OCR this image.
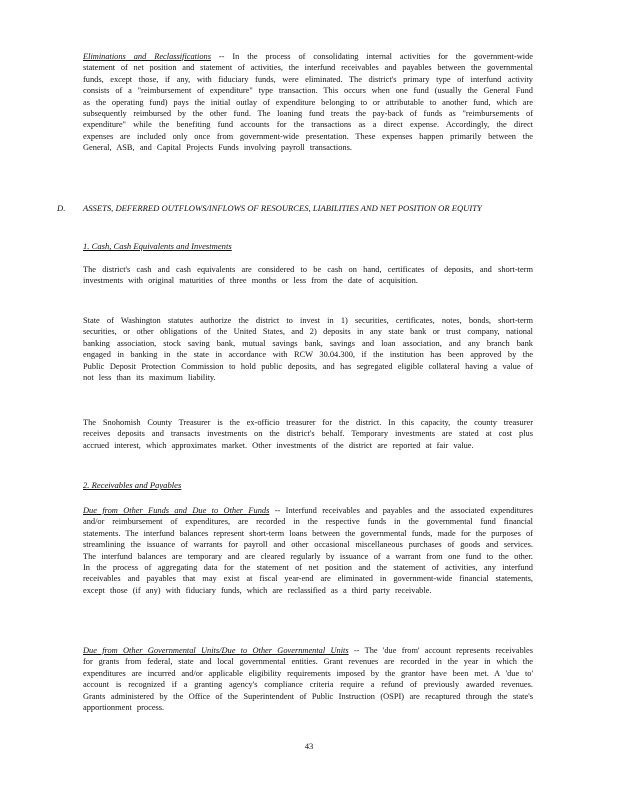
Eliminations and Reclassifications -- In the process of consolidating internal activities for the government-wide statement of net position and statement of activities, the interfund receivables and payables between the governmental funds, except those, if any, with fiduciary funds, were eliminated. The district's primary type of interfund activity consists of a "reimbursement of expenditure" type transaction. This occurs when one fund (usually the General Fund as the operating fund) pays the initial outlay of expenditure belonging to or attributable to another fund, which are subsequently reimbursed by the other fund. The loaning fund treats the pay-back of funds as "reimbursements of expenditure" while the benefiting fund accounts for the transactions as a direct expense. Accordingly, the direct expenses are included only once from government-wide presentation. These expenses happen primarily between the General, ASB, and Capital Projects Funds involving payroll transactions.

D. ASSETS, DEFERRED OUTFLOWS/INFLOWS OF RESOURCES, LIABILITIES AND NET POSITION OR EQUITY

1. Cash, Cash Equivalents and Investments

The district's cash and cash equivalents are considered to be cash on hand, certificates of deposits, and short-term investments with original maturities of three months or less from the date of acquisition.

State of Washington statutes authorize the district to invest in 1) securities, certificates, notes, bonds, short-term securities, or other obligations of the United States, and 2) deposits in any state bank or trust company, national banking association, stock saving bank, mutual savings bank, savings and loan association, and any branch bank engaged in banking in the state in accordance with RCW 30.04.300, if the institution has been approved by the Public Deposit Protection Commission to hold public deposits, and has segregated eligible collateral having a value of not less than its maximum liability.

The Snohomish County Treasurer is the ex-officio treasurer for the district. In this capacity, the county treasurer receives deposits and transacts investments on the district's behalf. Temporary investments are stated at cost plus accrued interest, which approximates market. Other investments of the district are reported at fair value.

2. Receivables and Payables

Due from Other Funds and Due to Other Funds -- Interfund receivables and payables and the associated expenditures and/or reimbursement of expenditures, are recorded in the respective funds in the governmental fund financial statements. The interfund balances represent short-term loans between the governmental funds, made for the purposes of streamlining the issuance of warrants for payroll and other occasional miscellaneous purchases of goods and services. The interfund balances are temporary and are cleared regularly by issuance of a warrant from one fund to the other. In the process of aggregating data for the statement of net position and the statement of activities, any interfund receivables and payables that may exist at fiscal year-end are eliminated in government-wide financial statements, except those (if any) with fiduciary funds, which are reclassified as a third party receivable.

Due from Other Governmental Units/Due to Other Governmental Units -- The 'due from' account represents receivables for grants from federal, state and local governmental entities. Grant revenues are recorded in the year in which the expenditures are incurred and/or applicable eligibility requirements imposed by the grantor have been met. A 'due to' account is recognized if a granting agency's compliance criteria require a refund of previously awarded revenues. Grants administered by the Office of the Superintendent of Public Instruction (OSPI) are recaptured through the state's apportionment process.

43
